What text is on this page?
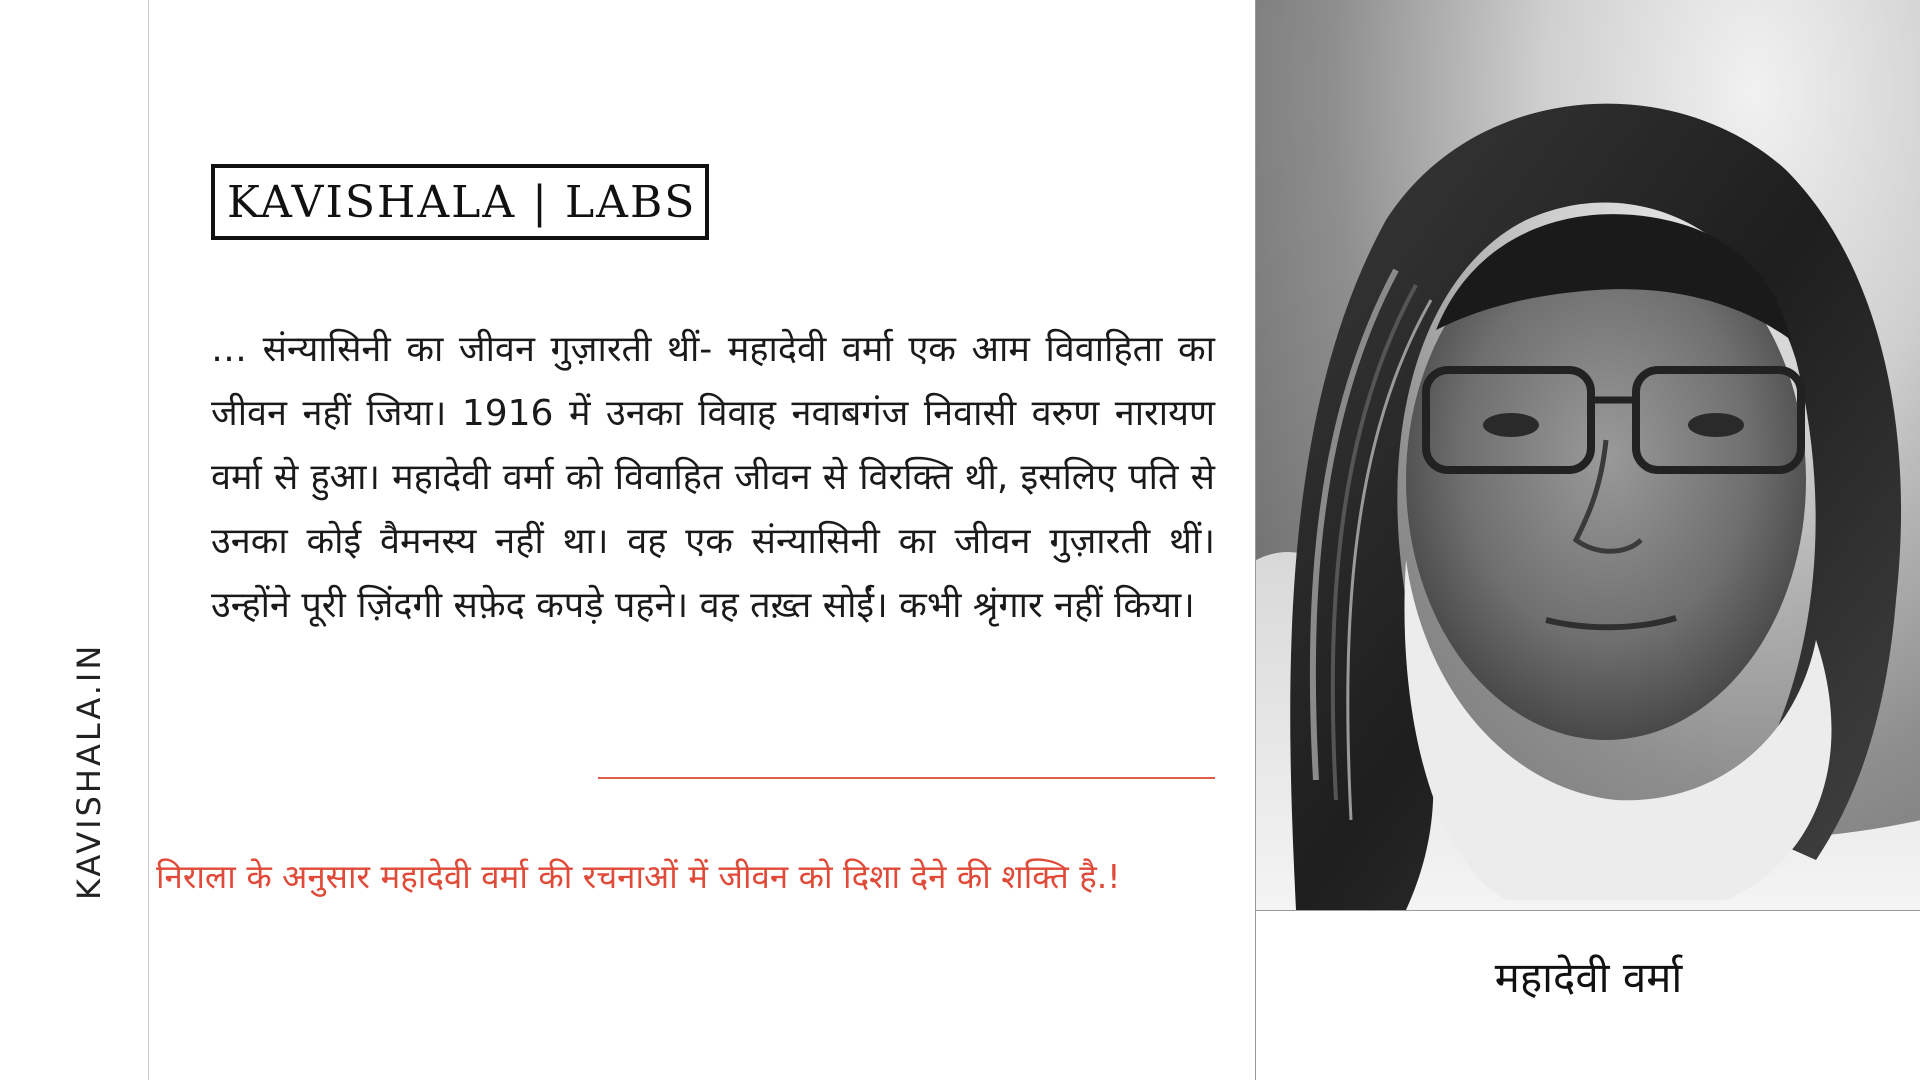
KAVISHALA.IN
KAVISHALA | LABS
… संन्यासिनी का जीवन गुज़ारती थीं- महादेवी वर्मा एक आम विवाहिता का जीवन नहीं जिया। 1916 में उनका विवाह नवाबगंज निवासी वरुण नारायण वर्मा से हुआ। महादेवी वर्मा को विवाहित जीवन से विरक्ति थी, इसलिए पति से उनका कोई वैमनस्य नहीं था। वह एक संन्यासिनी का जीवन गुज़ारती थीं। उन्होंने पूरी ज़िंदगी सफ़ेद कपड़े पहने। वह तख़्त सोईं। कभी श्रृंगार नहीं किया।
निराला के अनुसार महादेवी वर्मा की रचनाओं में जीवन को दिशा देने की शक्ति है.!
महादेवी वर्मा
